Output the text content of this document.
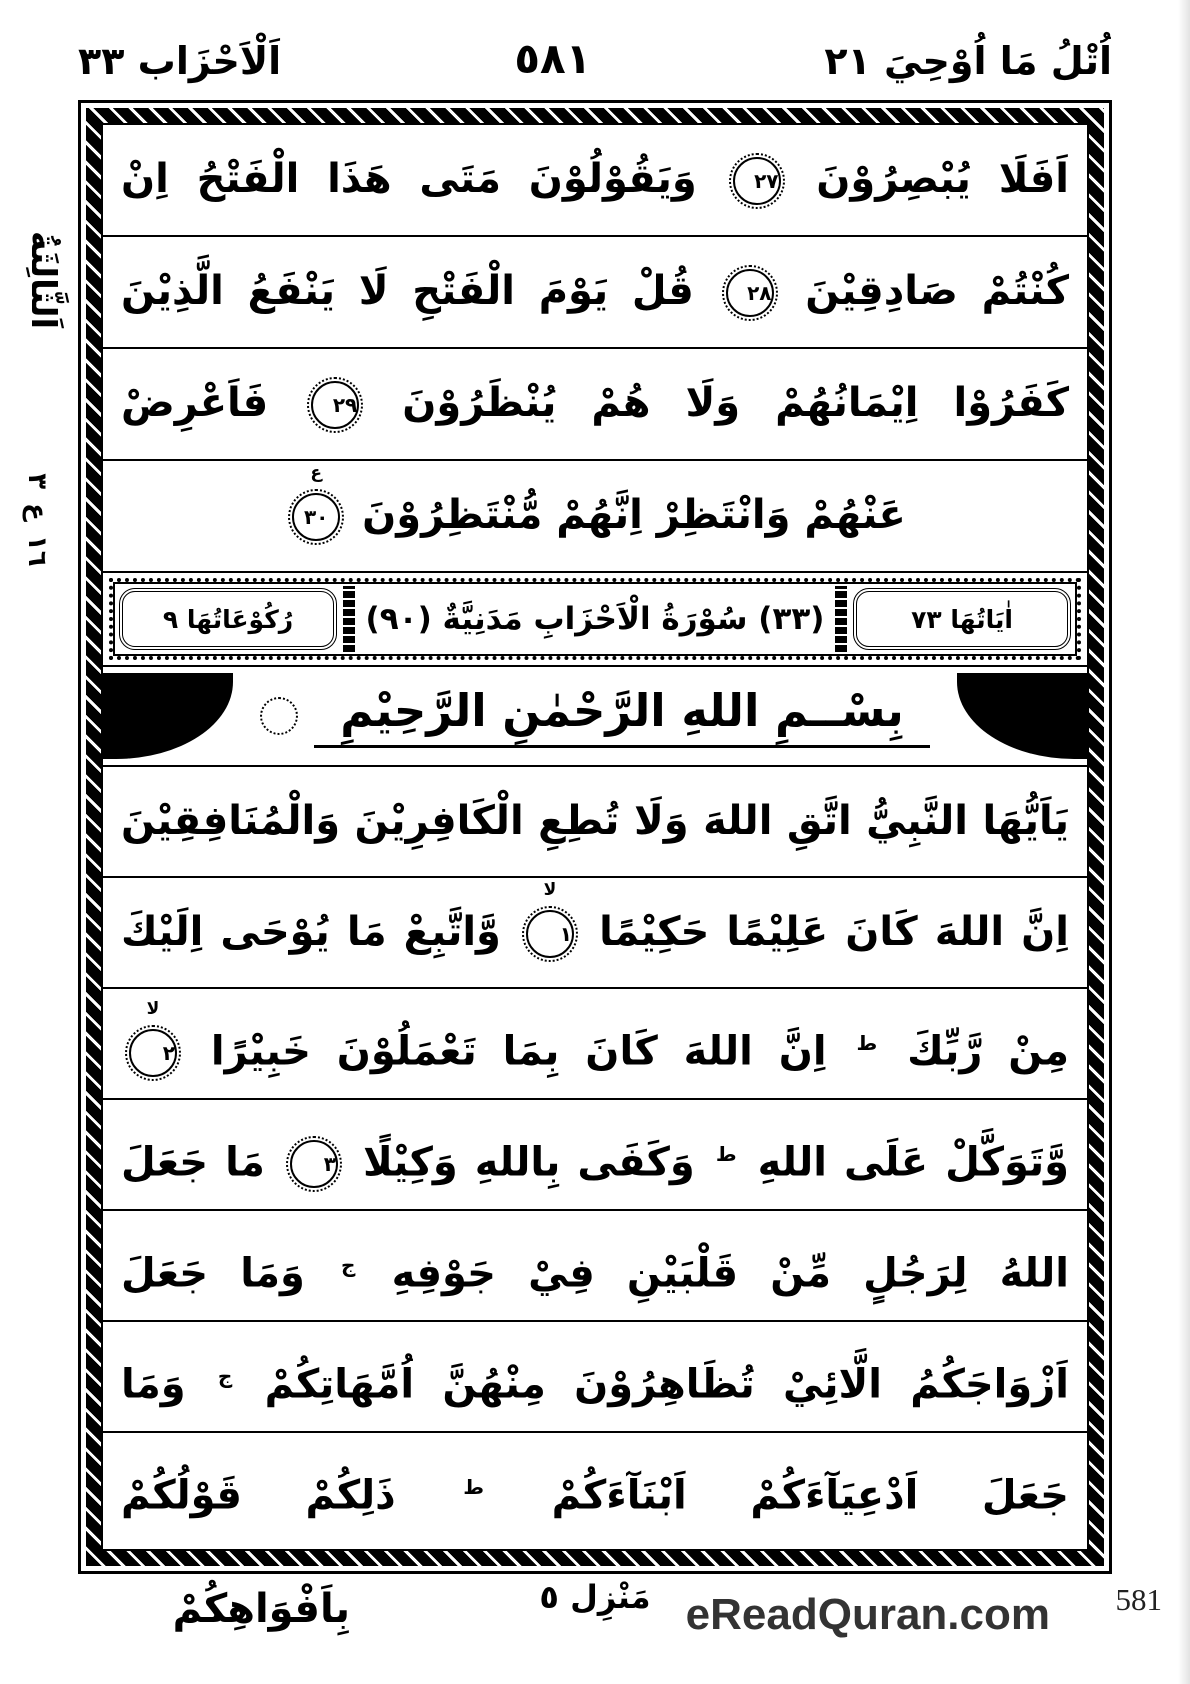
اُتْلُ مَا اُوْحِيَ ٢١
٥٨١
اَلْاَحْزَاب ٣٣
اَلثَّالِثَةُ
٣
ع
١٦
اَفَلَا يُبْصِرُوْنَ ٢٧ وَيَقُوْلُوْنَ مَتَى هَذَا الْفَتْحُ اِنْ
كُنْتُمْ صَادِقِيْنَ ٢٨ قُلْ يَوْمَ الْفَتْحِ لَا يَنْفَعُ الَّذِيْنَ
كَفَرُوْا اِيْمَانُهُمْ وَلَا هُمْ يُنْظَرُوْنَ ٢٩ فَاَعْرِضْ
عَنْهُمْ وَانْتَظِرْ اِنَّهُمْ مُّنْتَظِرُوْنَ ٣٠
ع
اٰيَاتُهَا ٧٣
(٣٣) سُوْرَةُ الْاَحْزَابِ مَدَنِيَّةٌ (٩٠)
رُكُوْعَاتُهَا ٩
بِسْــمِ اللهِ الرَّحْمٰنِ الرَّحِيْمِ
يَاَيُّهَا النَّبِيُّ اتَّقِ اللهَ وَلَا تُطِعِ الْكَافِرِيْنَ وَالْمُنَافِقِيْنَ
اِنَّ اللهَ كَانَ عَلِيْمًا حَكِيْمًا ١
لا
وَّاتَّبِعْ مَا يُوْحَى اِلَيْكَ
مِنْ رَّبِّكَ $^ط$ اِنَّ اللهَ كَانَ بِمَا تَعْمَلُوْنَ خَبِيْرًا ٢
لا
وَّتَوَكَّلْ عَلَى اللهِ $^ط$ وَكَفَى بِاللهِ وَكِيْلًا ٣ مَا جَعَلَ
اللهُ لِرَجُلٍ مِّنْ قَلْبَيْنِ فِيْ جَوْفِهِ $^ج$ وَمَا جَعَلَ
اَزْوَاجَكُمُ الَّائِيْ تُظَاهِرُوْنَ مِنْهُنَّ اُمَّهَاتِكُمْ $^ج$ وَمَا
جَعَلَ اَدْعِيَآءَكُمْ اَبْنَآءَكُمْ $^ط$ ذَلِكُمْ قَوْلُكُمْ
بِاَفْوَاهِكُمْ	مَنْزِل ٥ eReadQuran.com 581
